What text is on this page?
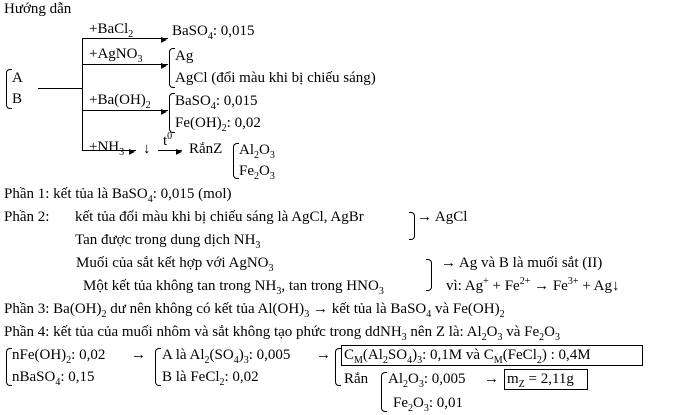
Hướng dẫn
A
B
▸
+BaCl$_2$	BaSO$_4$: 0,015
▸
+AgNO$_3$ Ag
AgCl (đổi màu khi bị chiếu sáng)
▸
$+Ba(OH)_2$ BaSO$_4$: 0,015
$Fe(OH)_2$: 0,02
▸
$+NH_3$ ↓ ▸
$t^0$
RắnZ $Al_2O_3$
$Fe_2O_3$
Phần 1: kết tủa là BaSO$_4$: 0,015 (mol)
Phần 2: kết tủa đổi màu khi bị chiếu sáng là AgCl, AgBr	→ AgCl
Tan được trong dung dịch $NH_3$
Muối của sắt kết hợp với AgNO$_3$	→ Ag và B là muối sắt (II)
Một kết tủa không tan trong $NH_3$, tan trong $HNO_3$	vì: $Ag^+ + Fe^{2+} \to Fe^{3+}$ + Ag↓
Phần 3: $Ba(OH)_2$ dư nên không có kết tủa $Al(OH)_3$ → kết tủa là BaSO$_4$ và $Fe(OH)_2$
Phần 4: kết tủa của muối nhôm và sắt không tạo phức trong ddNH$_3$ nên Z là: $Al_2O_3$ và $Fe_2O_3$
$nFe(OH)_2$: 0,02
nBaSO$_4$: 0,15
→ A là $Al_2(SO_4)_3$: 0,005
B là FeCl$_2$: 0,02
→ $C_M(Al_2SO_4)_3$: 0,1M và $C_M(FeCl_2)$ : 0,4M
Rắn $Al_2O_3$: $0,005 \to m_Z = 2,11g$
$Fe_2O_3$: 0,01
